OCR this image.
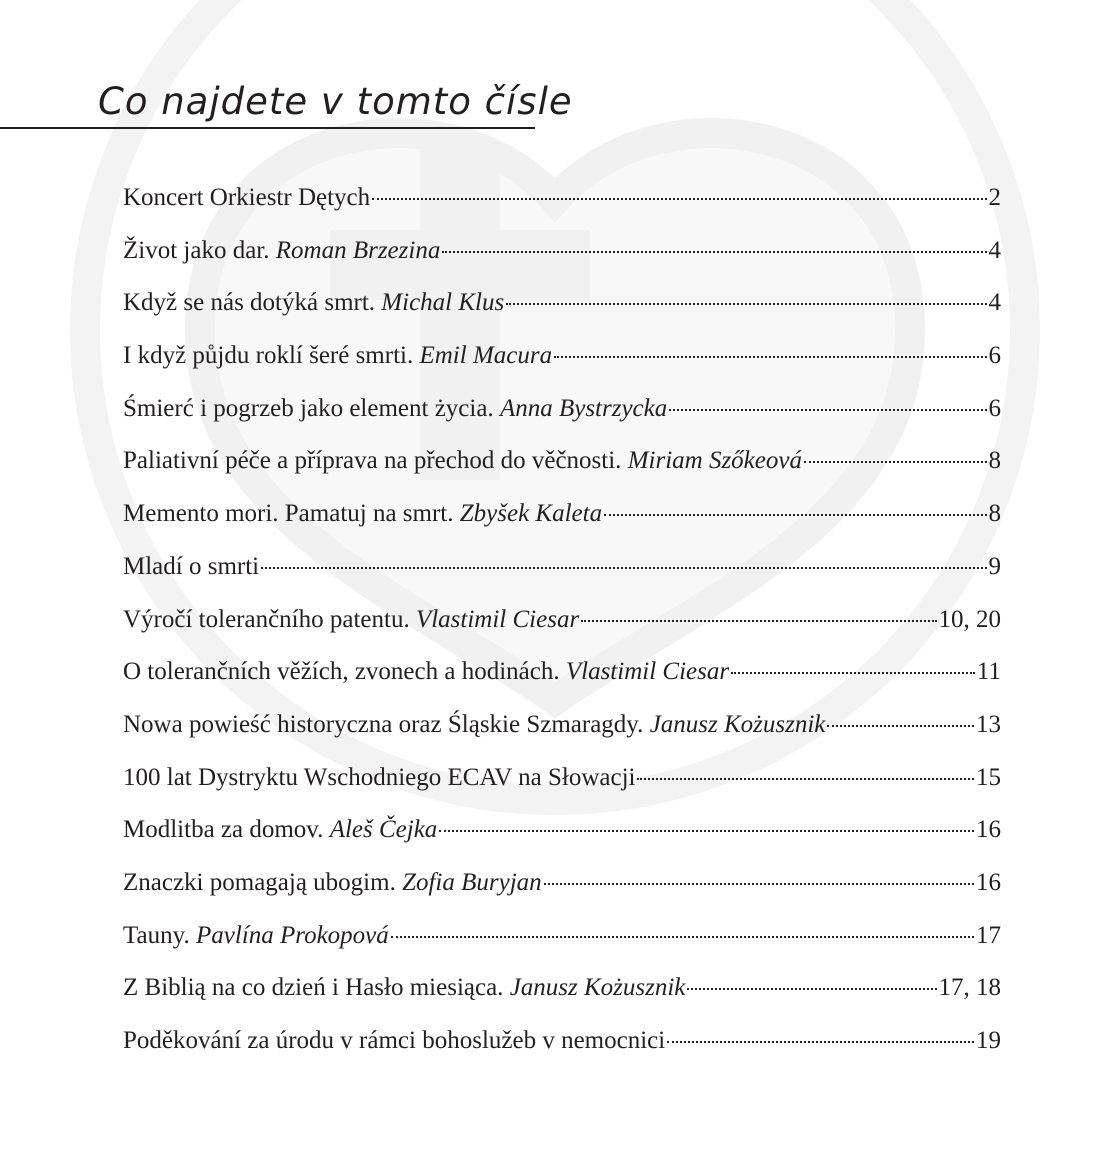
Co najdete v tomto čísle
Koncert Orkiestr Dętych	2
Život jako dar. Roman Brzezina	4
Když se nás dotýká smrt. Michal Klus	4
I když půjdu roklí šeré smrti. Emil Macura	6
Śmierć i pogrzeb jako element życia. Anna Bystrzycka	6
Paliativní péče a příprava na přechod do věčnosti. Miriam Szőkeová	8
Memento mori. Pamatuj na smrt. Zbyšek Kaleta	8
Mladí o smrti	9
Výročí tolerančního patentu. Vlastimil Ciesar	10, 20
O tolerančních věžích, zvonech a hodinách. Vlastimil Ciesar	11
Nowa powieść historyczna oraz Śląskie Szmaragdy. Janusz Kożusznik	13
100 lat Dystryktu Wschodniego ECAV na Słowacji	15
Modlitba za domov. Aleš Čejka	16
Znaczki pomagają ubogim. Zofia Buryjan	16
Tauny. Pavlína Prokopová	17
Z Biblią na co dzień i Hasło miesiąca. Janusz Kożusznik	17, 18
Poděkování za úrodu v rámci bohoslužeb v nemocnici	19
